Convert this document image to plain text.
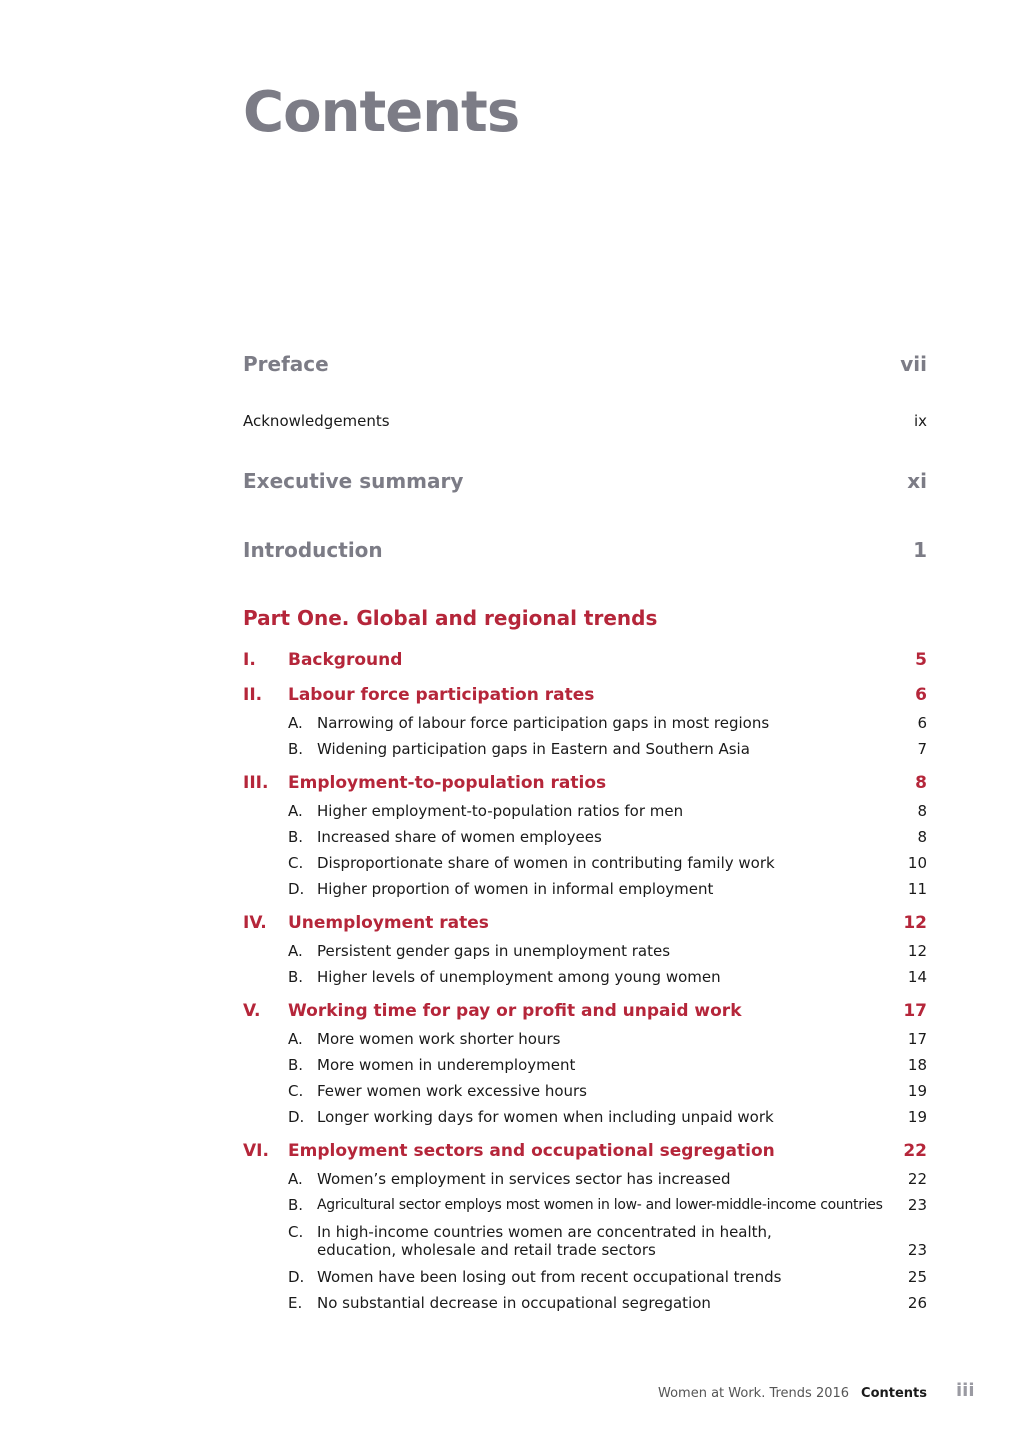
Contents
Preface	vii
Acknowledgements	ix
Executive summary	xi
Introduction	1
Part One. Global and regional trends
I.	Background	5
II.	Labour force participation rates	6
A. Narrowing of labour force participation gaps in most regions	6
B. Widening participation gaps in Eastern and Southern Asia	7
III.	Employment-to-population ratios	8
A. Higher employment-to-population ratios for men	8
B. Increased share of women employees	8
C. Disproportionate share of women in contributing family work	10
D. Higher proportion of women in informal employment	11
IV.	Unemployment rates	12
A. Persistent gender gaps in unemployment rates	12
B. Higher levels of unemployment among young women	14
V.	Working time for pay or profit and unpaid work	17
A. More women work shorter hours	17
B. More women in underemployment	18
C. Fewer women work excessive hours	19
D. Longer working days for women when including unpaid work	19
VI.	Employment sectors and occupational segregation	22
A. Women’s employment in services sector has increased	22
B. Agricultural sector employs most women in low- and lower-middle-income countries	23
C. In high-income countries women are concentrated in health, education, wholesale and retail trade sectors	23
D. Women have been losing out from recent occupational trends	25
E. No substantial decrease in occupational segregation	26
Women at Work. Trends 2016 Contents iii
